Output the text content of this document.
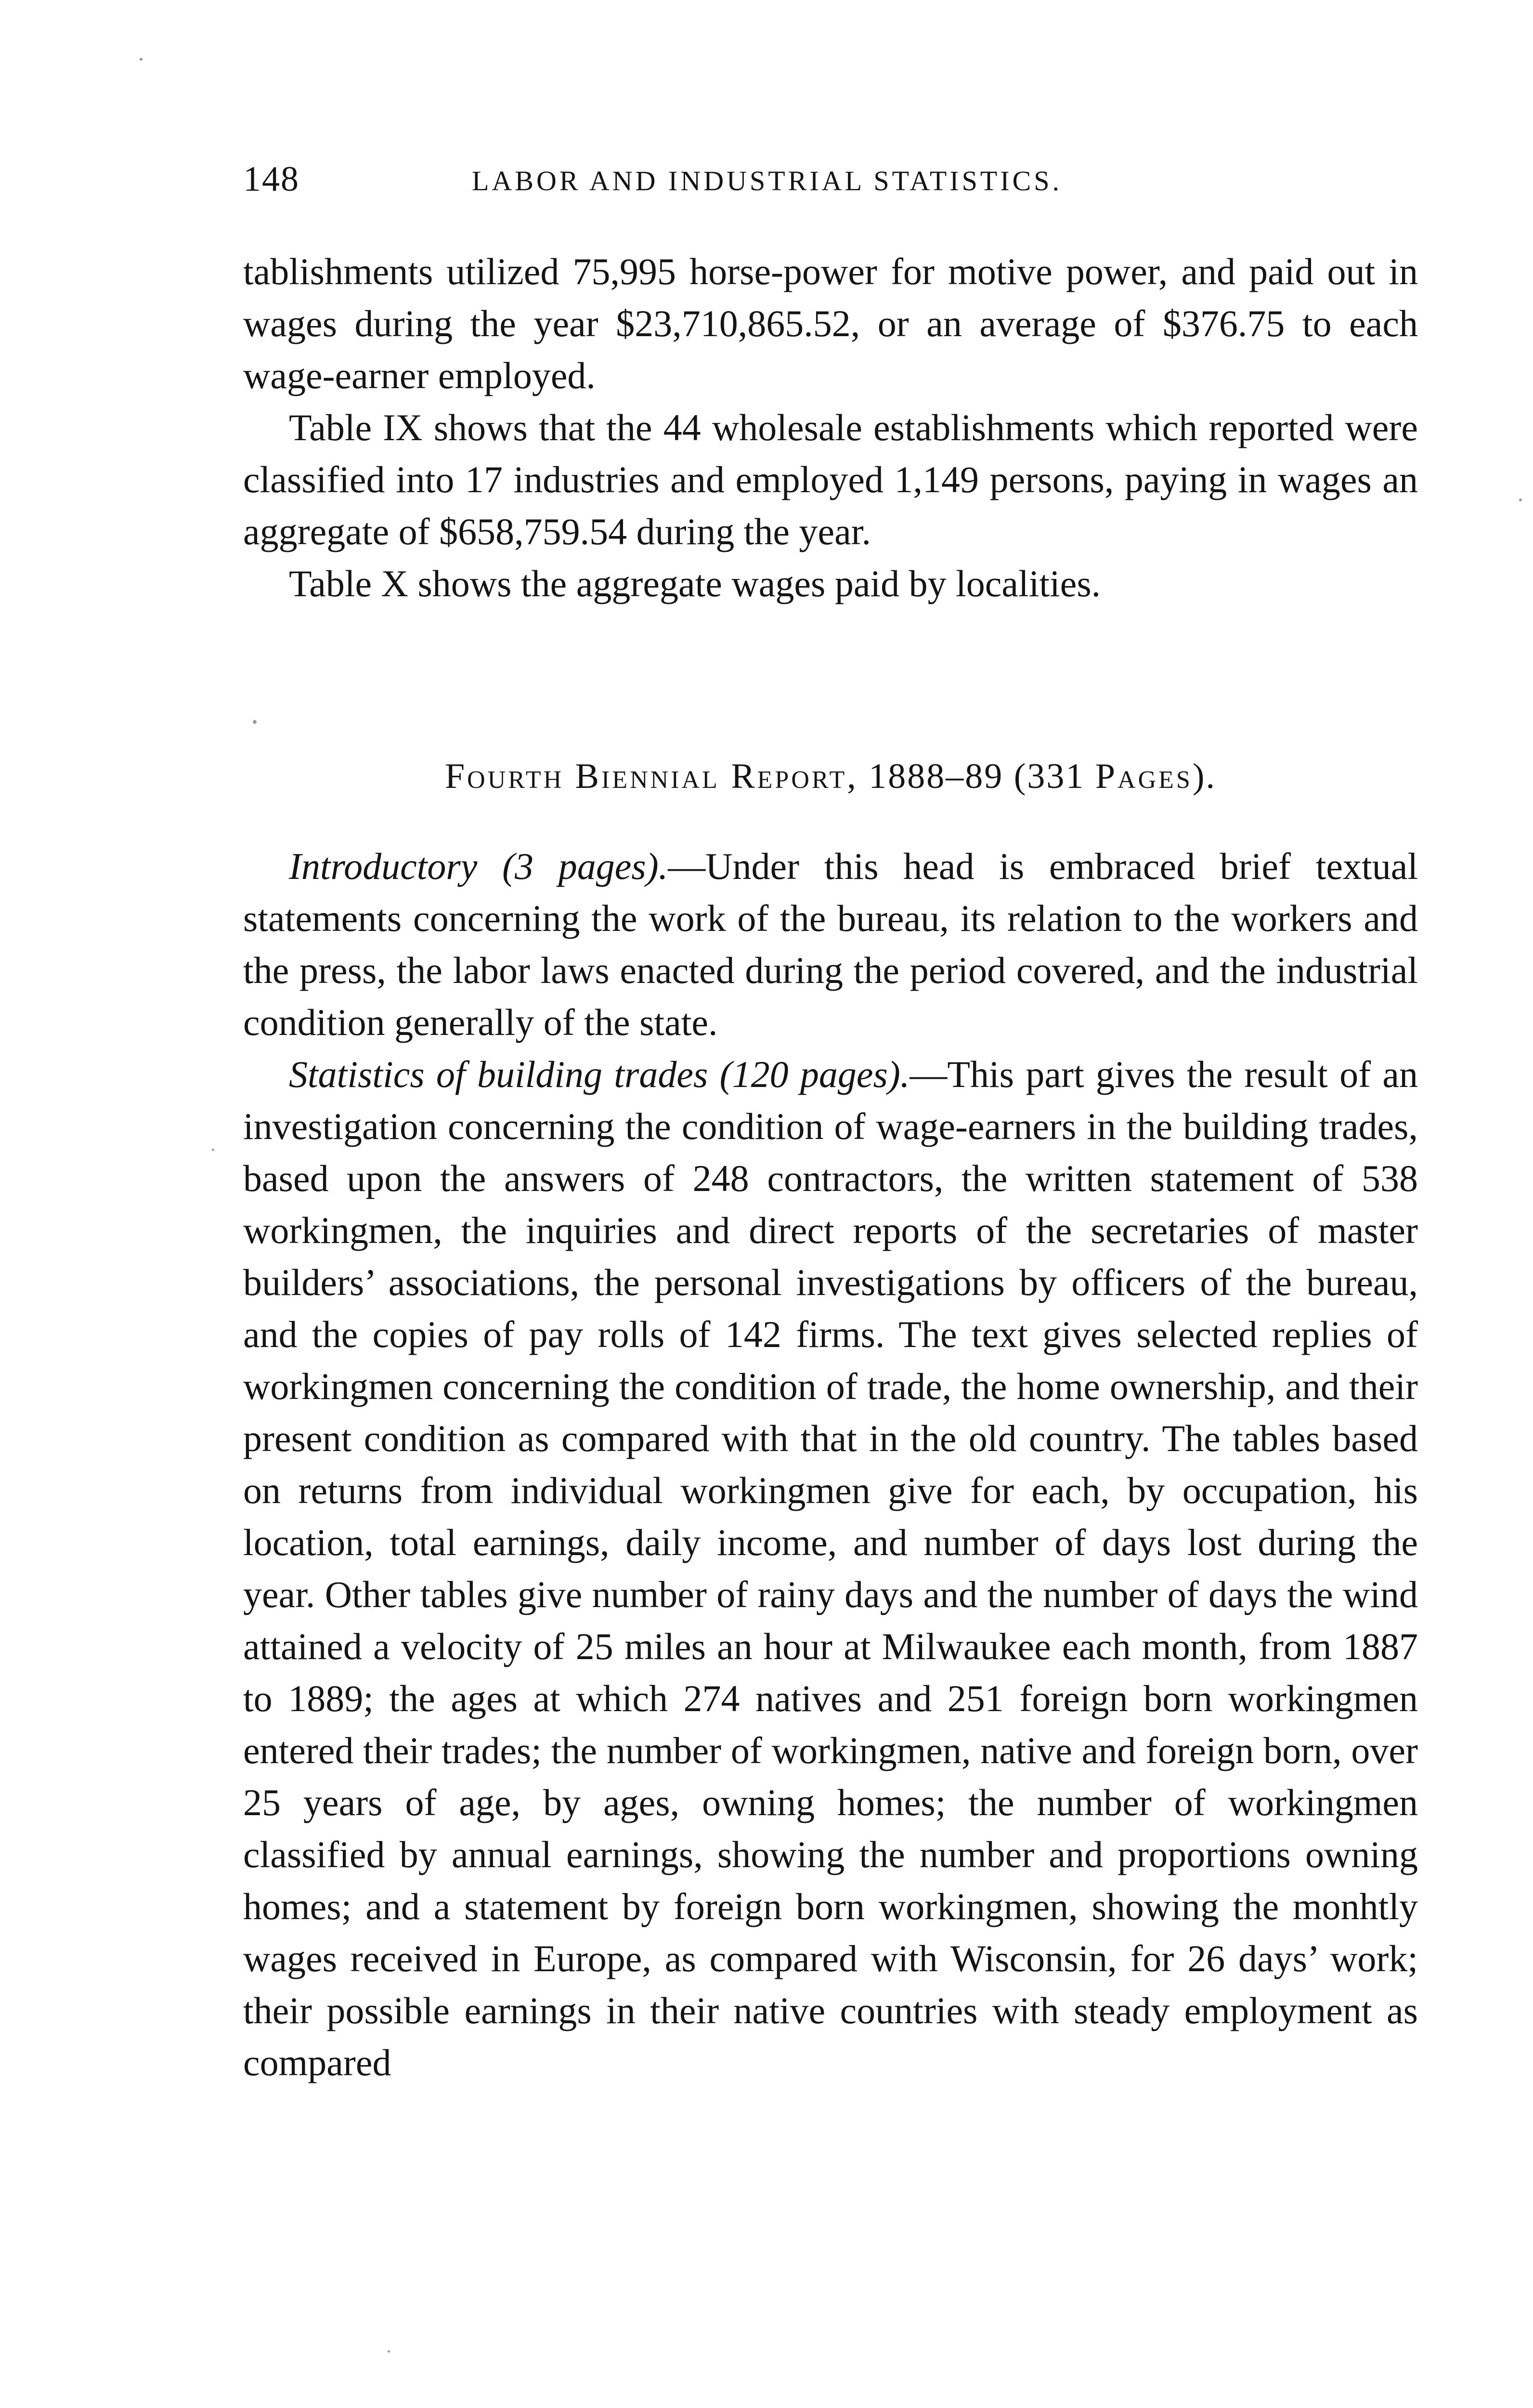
148	LABOR AND INDUSTRIAL STATISTICS.

tablishments utilized 75,995 horse-power for motive power, and paid out in wages during the year $23,710,865.52, or an average of $376.75 to each wage-earner employed.

Table IX shows that the 44 wholesale establishments which reported were classified into 17 industries and employed 1,149 persons, paying in wages an aggregate of $658,759.54 during the year.

Table X shows the aggregate wages paid by localities.

Fourth Biennial Report, 1888–89 (331 Pages).

Introductory (3 pages).—Under this head is embraced brief textual statements concerning the work of the bureau, its relation to the workers and the press, the labor laws enacted during the period covered, and the industrial condition generally of the state.

Statistics of building trades (120 pages).—This part gives the result of an investigation concerning the condition of wage-earners in the building trades, based upon the answers of 248 contractors, the written statement of 538 workingmen, the inquiries and direct reports of the secretaries of master builders’ associations, the personal investigations by officers of the bureau, and the copies of pay rolls of 142 firms. The text gives selected replies of workingmen concerning the condition of trade, the home ownership, and their present condition as compared with that in the old country. The tables based on returns from individual workingmen give for each, by occupation, his location, total earnings, daily income, and number of days lost during the year. Other tables give number of rainy days and the number of days the wind attained a velocity of 25 miles an hour at Milwaukee each month, from 1887 to 1889; the ages at which 274 natives and 251 foreign born workingmen entered their trades; the number of workingmen, native and foreign born, over 25 years of age, by ages, owning homes; the number of workingmen classified by annual earnings, showing the number and proportions owning homes; and a statement by foreign born workingmen, showing the monhtly wages received in Europe, as compared with Wisconsin, for 26 days’ work; their possible earnings in their native countries with steady employment as compared
